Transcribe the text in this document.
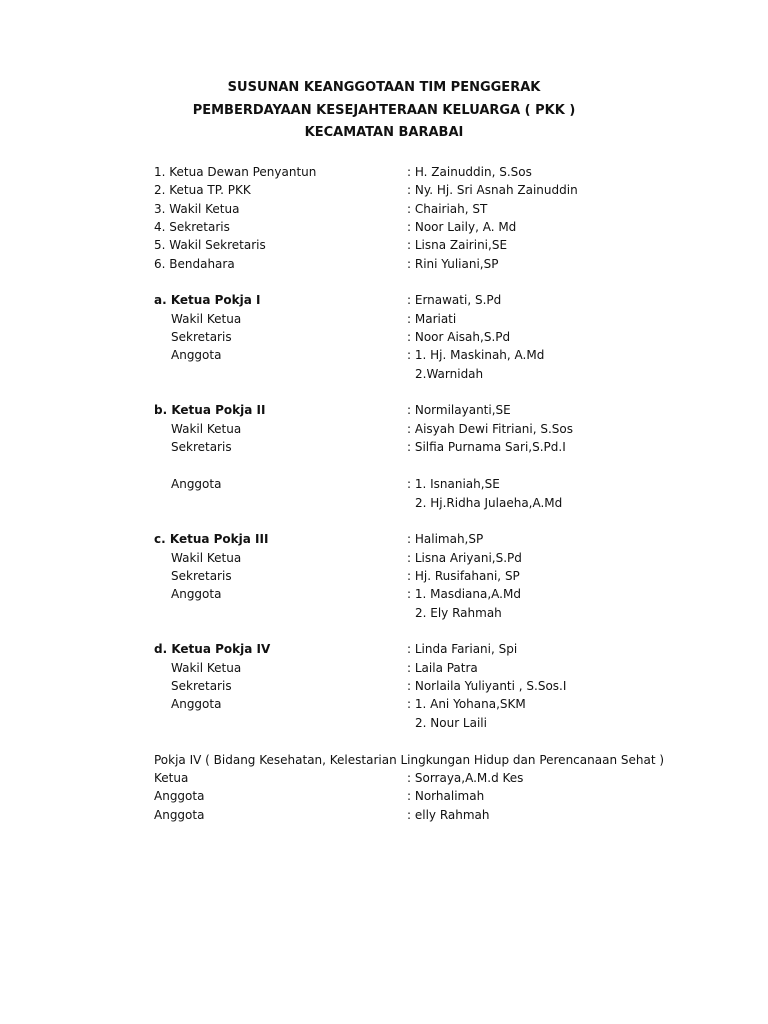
SUSUNAN KEANGGOTAAN TIM PENGGERAK
PEMBERDAYAAN KESEJAHTERAAN KELUARGA ( PKK )
KECAMATAN BARABAI
1. Ketua Dewan Penyantun	: H. Zainuddin, S.Sos
2. Ketua TP. PKK	: Ny. Hj. Sri Asnah Zainuddin
3. Wakil Ketua	: Chairiah, ST
4. Sekretaris	: Noor Laily, A. Md
5. Wakil Sekretaris	: Lisna Zairini,SE
6. Bendahara	: Rini Yuliani,SP
a. Ketua Pokja I	: Ernawati, S.Pd
Wakil Ketua	: Mariati
Sekretaris	: Noor Aisah,S.Pd
Anggota	: 1. Hj. Maskinah, A.Md
2.Warnidah
b. Ketua Pokja II	: Normilayanti,SE
Wakil Ketua	: Aisyah Dewi Fitriani, S.Sos
Sekretaris	: Silfia Purnama Sari,S.Pd.I
Anggota	: 1. Isnaniah,SE
2. Hj.Ridha Julaeha,A.Md
c. Ketua Pokja III	: Halimah,SP
Wakil Ketua	: Lisna Ariyani,S.Pd
Sekretaris	: Hj. Rusifahani, SP
Anggota	: 1. Masdiana,A.Md
2. Ely Rahmah
d. Ketua Pokja IV	: Linda Fariani, Spi
Wakil Ketua	: Laila Patra
Sekretaris	: Norlaila Yuliyanti , S.Sos.I
Anggota	: 1. Ani Yohana,SKM
2. Nour Laili
Pokja IV ( Bidang Kesehatan, Kelestarian Lingkungan Hidup dan Perencanaan Sehat )
Ketua	: Sorraya,A.M.d Kes
Anggota	: Norhalimah
Anggota	: elly Rahmah
